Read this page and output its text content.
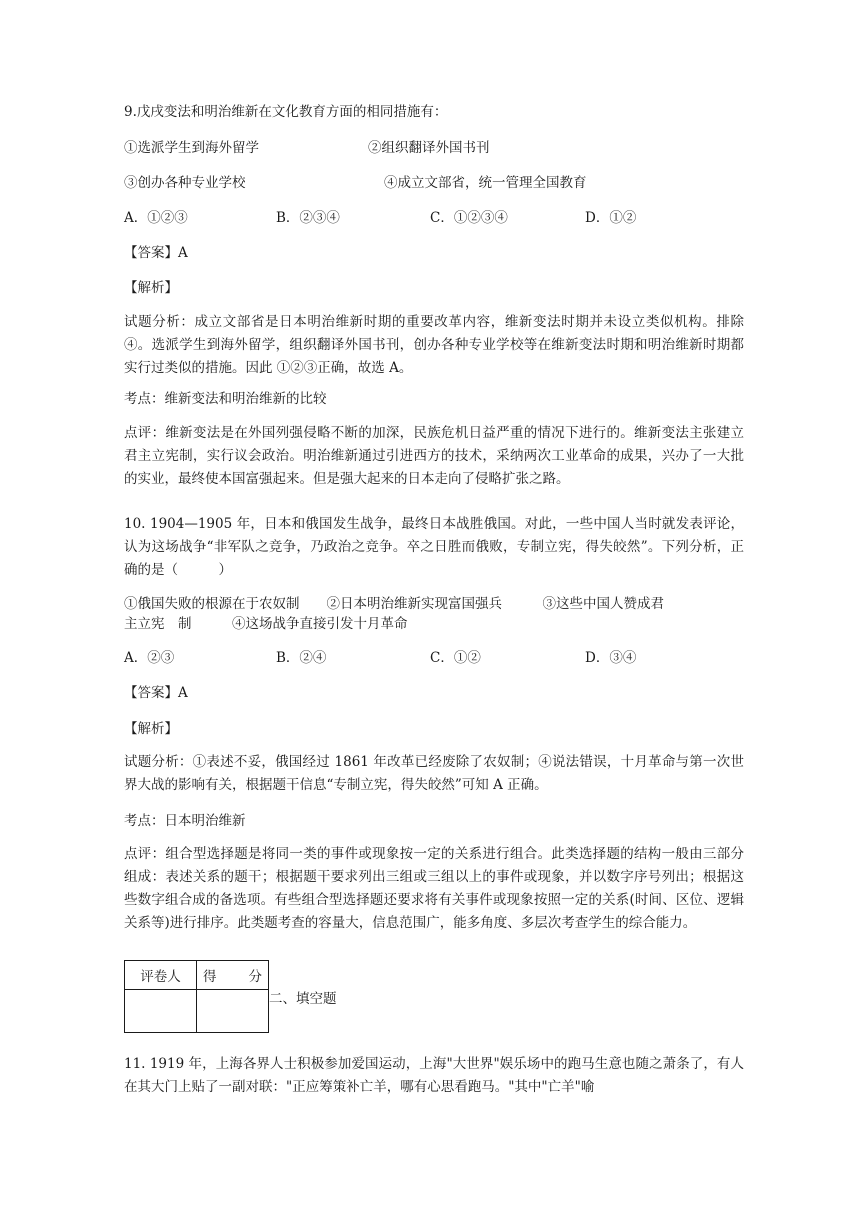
9.戊戌变法和明治维新在文化教育方面的相同措施有：
①选派学生到海外留学	②组织翻译外国书刊
③创办各种专业学校	④成立文部省，统一管理全国教育
A．①②③	B．②③④	C．①②③④	D．①②
【答案】A
【解析】
试题分析：成立文部省是日本明治维新时期的重要改革内容，维新变法时期并未设立类似机构。排除④。选派学生到海外留学，组织翻译外国书刊，创办各种专业学校等在维新变法时期和明治维新时期都实行过类似的措施。因此 ①②③正确，故选 A。
考点：维新变法和明治维新的比较
点评：维新变法是在外国列强侵略不断的加深，民族危机日益严重的情况下进行的。维新变法主张建立君主立宪制，实行议会政治。明治维新通过引进西方的技术，采纳两次工业革命的成果，兴办了一大批的实业，最终使本国富强起来。但是强大起来的日本走向了侵略扩张之路。
10. 1904—1905 年，日本和俄国发生战争，最终日本战胜俄国。对此，一些中国人当时就发表评论，认为这场战争“非军队之竞争，乃政治之竞争。卒之日胜而俄败，专制立宪，得失皎然”。下列分析，正确的是（　　　）
①俄国失败的根源在于农奴制　　②日本明治维新实现富国强兵　　　③这些中国人赞成君
主立宪　制　　　④这场战争直接引发十月革命
A．②③	B．②④	C．①②	D．③④
【答案】A
【解析】
试题分析：①表述不妥，俄国经过 1861 年改革已经废除了农奴制；④说法错误，十月革命与第一次世界大战的影响有关，根据题干信息“专制立宪，得失皎然”可知 A 正确。
考点：日本明治维新
点评：组合型选择题是将同一类的事件或现象按一定的关系进行组合。此类选择题的结构一般由三部分组成：表述关系的题干；根据题干要求列出三组或三组以上的事件或现象，并以数字序号列出；根据这些数字组合成的备选项。有些组合型选择题还要求将有关事件或现象按照一定的关系(时间、区位、逻辑关系等)进行排序。此类题考查的容量大，信息范围广，能多角度、多层次考查学生的综合能力。
评卷人	得 分

二、填空题
11. 1919 年，上海各界人士积极参加爱国运动，上海"大世界"娱乐场中的跑马生意也随之萧条了，有人在其大门上贴了一副对联："正应筹策补亡羊，哪有心思看跑马。"其中"亡羊"喻
